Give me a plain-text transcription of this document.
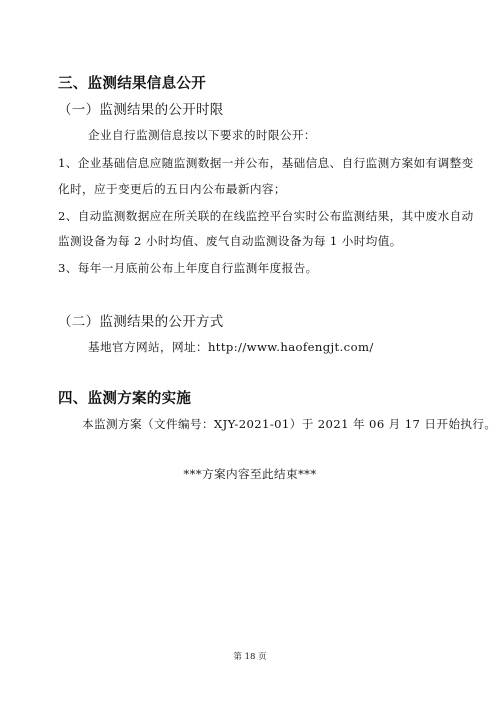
三、监测结果信息公开
（一）监测结果的公开时限
企业自行监测信息按以下要求的时限公开：
1、企业基础信息应随监测数据一并公布，基础信息、自行监测方案如有调整变
化时，应于变更后的五日内公布最新内容；
2、自动监测数据应在所关联的在线监控平台实时公布监测结果，其中废水自动
监测设备为每 2 小时均值、废气自动监测设备为每 1 小时均值。
3、每年一月底前公布上年度自行监测年度报告。
（二）监测结果的公开方式
基地官方网站，网址：http://www.haofengjt.com/
四、监测方案的实施
本监测方案（文件编号：XJY-2021-01）于 2021 年 06 月 17 日开始执行。
***方案内容至此结束***
第 18 页
